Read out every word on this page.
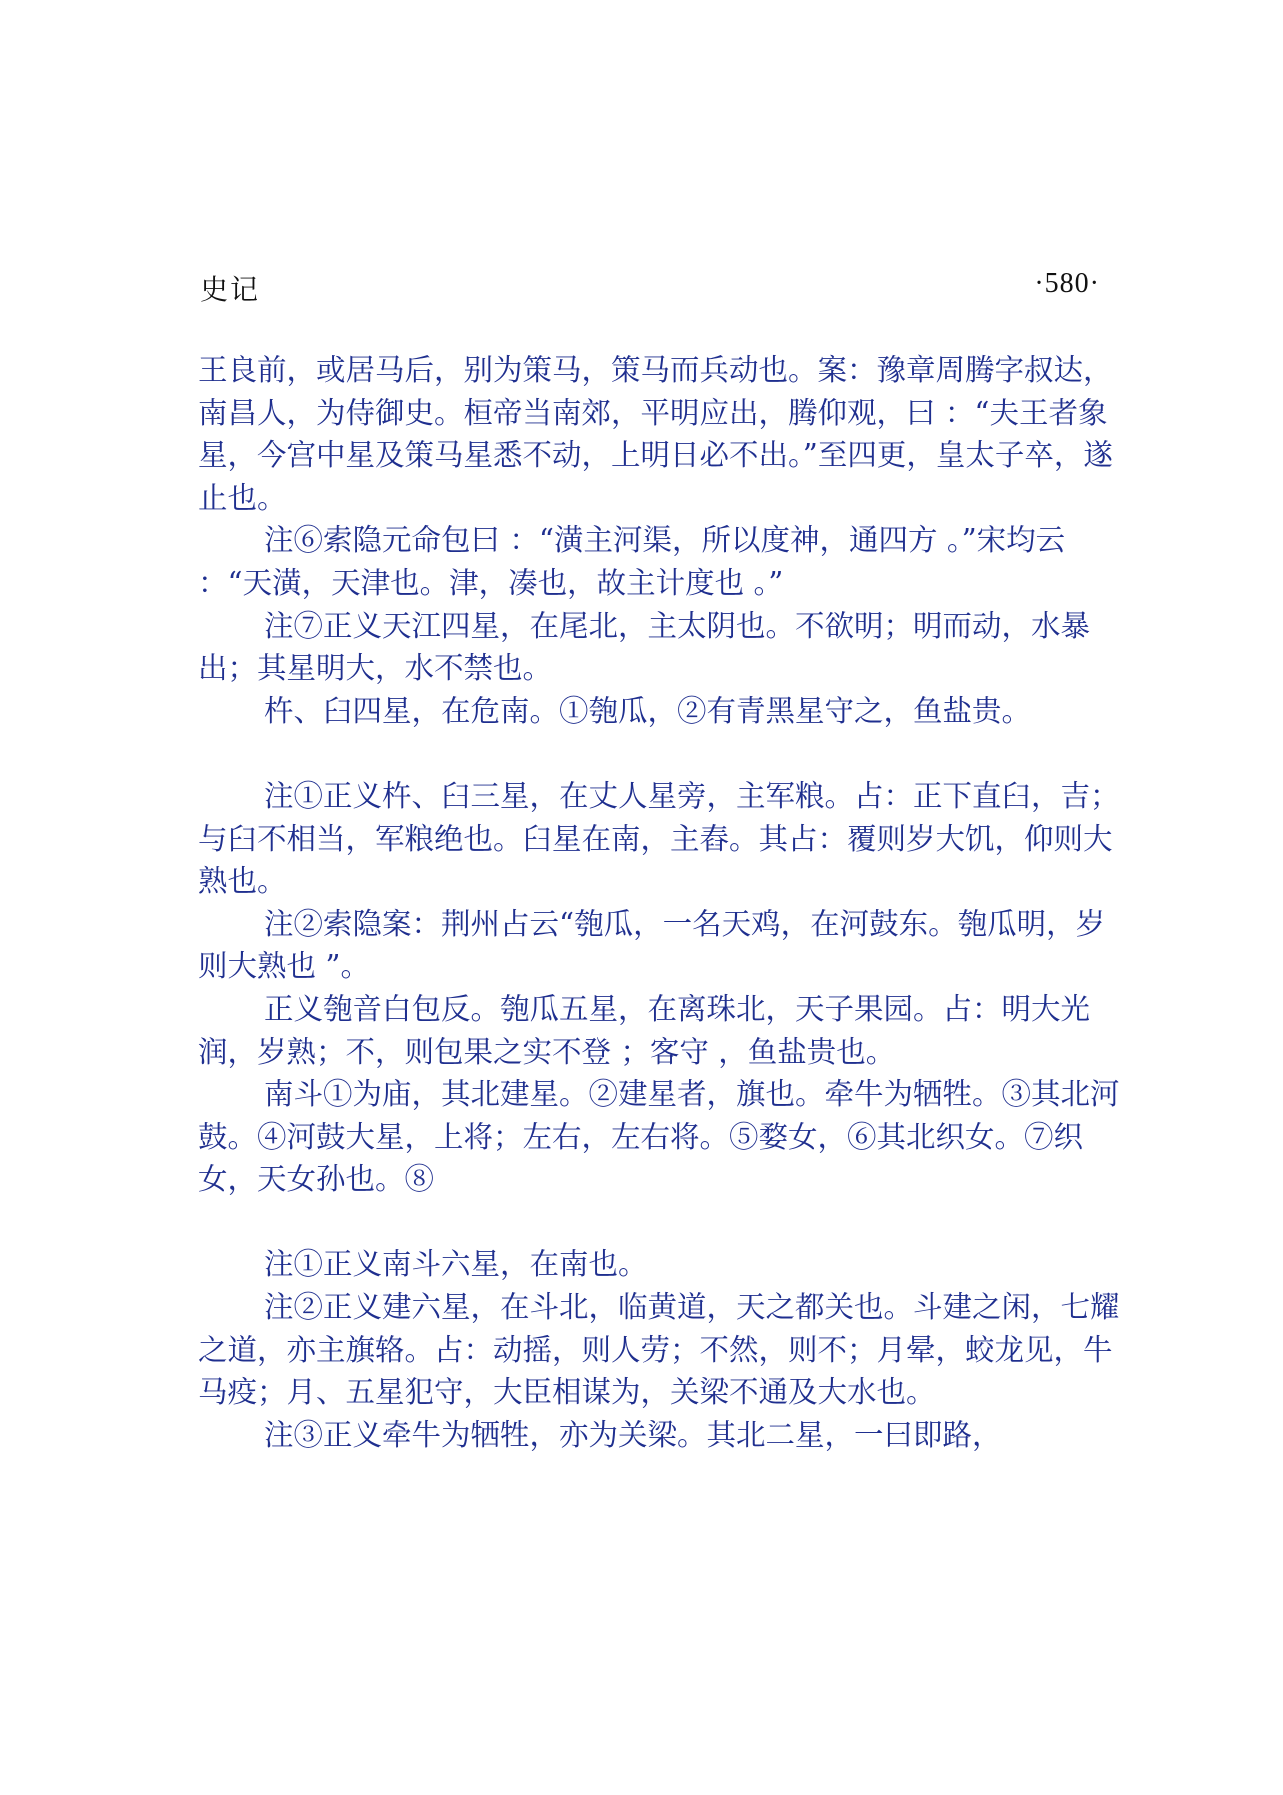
史记	·580·

王良前，或居马后，别为策马，策马而兵动也。案：豫章周腾字叔达，南昌人，为侍御史。桓帝当南郊，平明应出，腾仰观，曰 ：“夫王者象星，今宫中星及策马星悉不动，上明日必不出。”至四更，皇太子卒，遂止也。

注⑥索隐元命包曰 ：“潢主河渠，所以度神，通四方 。”宋均云 ：“天潢，天津也。津，凑也，故主计度也 。”

注⑦正义天江四星，在尾北，主太阴也。不欲明；明而动，水暴出；其星明大，水不禁也。

杵、臼四星，在危南。①匏瓜，②有青黑星守之，鱼盐贵。

注①正义杵、臼三星，在丈人星旁，主军粮。占：正下直臼，吉；与臼不相当，军粮绝也。臼星在南，主舂。其占：覆则岁大饥，仰则大熟也。

注②索隐案：荆州占云“匏瓜，一名天鸡，在河鼓东。匏瓜明，岁则大熟也 ”。

正义匏音白包反。匏瓜五星，在离珠北，天子果园。占：明大光润，岁熟；不，则包果之实不登 ；客守 ，鱼盐贵也。

南斗①为庙，其北建星。②建星者，旗也。牵牛为牺牲。③其北河鼓。④河鼓大星，上将；左右，左右将。⑤婺女，⑥其北织女。⑦织女，天女孙也。⑧

注①正义南斗六星，在南也。

注②正义建六星，在斗北，临黄道，天之都关也。斗建之闲，七耀之道，亦主旗辂。占：动摇，则人劳；不然，则不；月晕，蛟龙见，牛马疫；月、五星犯守，大臣相谋为，关梁不通及大水也。

注③正义牵牛为牺牲，亦为关梁。其北二星，一曰即路，
